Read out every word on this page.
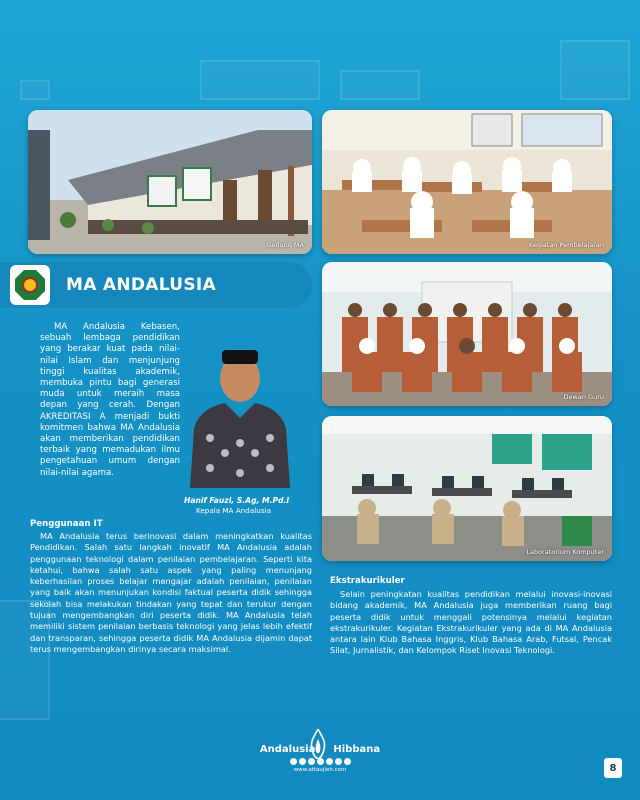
Gedung MA	Kegiatan Pembelajaran
Dewan Guru
Laboratorium Komputer
MA ANDALUSIA

MA Andalusia Kebasen, sebuah lembaga pendidikan yang berakar kuat pada nilai-nilai Islam dan menjunjung tinggi kualitas akademik, membuka pintu bagi generasi muda untuk meraih masa depan yang cerah. Dengan AKREDITASI A menjadi bukti komitmen bahwa MA Andalusia akan memberikan pendidikan terbaik yang memadukan ilmu pengetahuan umum dengan nilai-nilai agama.

Hanif Fauzi, S.Ag, M.Pd.I
Kepala MA Andalusia
Penggunaan IT

MA Andalusia terus berinovasi dalam meningkatkan kualitas Pendidikan. Salah satu langkah inovatif MA Andalusia adalah penggunaan teknologi dalam penilaian pembelajaran. Seperti kita ketahui, bahwa salah satu aspek yang paling menunjang keberhasilan proses belajar mengajar adalah penilaian, penilaian yang baik akan menunjukan kondisi faktual peserta didik sehingga sekolah bisa melakukan tindakan yang tepat dan terukur dengan tujuan mengembangkan diri peserta didik. MA Andalusia telah memiliki sistem penilaian berbasis teknologi yang jelas lebih efektif dan transparan, sehingga peserta didik MA Andalusia dijamin dapat terus mengembangkan dirinya secara maksimal.

Ekstrakurikuler

Selain peningkatan kualitas pendidikan melalui inovasi-inovasi bidang akademik, MA Andalusia juga memberikan ruang bagi peserta didik untuk menggali potensinya melalui kegiatan ekstrakurikuler. Kegiatan Ekstrakurikuler yang ada di MA Andalusia antara lain Klub Bahasa Inggris, Klub Bahasa Arab, Futsal, Pencak Silat, Jurnalistik, dan Kelompok Riset Inovasi Teknologi.

Andalusia Hibbana
www.attaujieh.com	8
